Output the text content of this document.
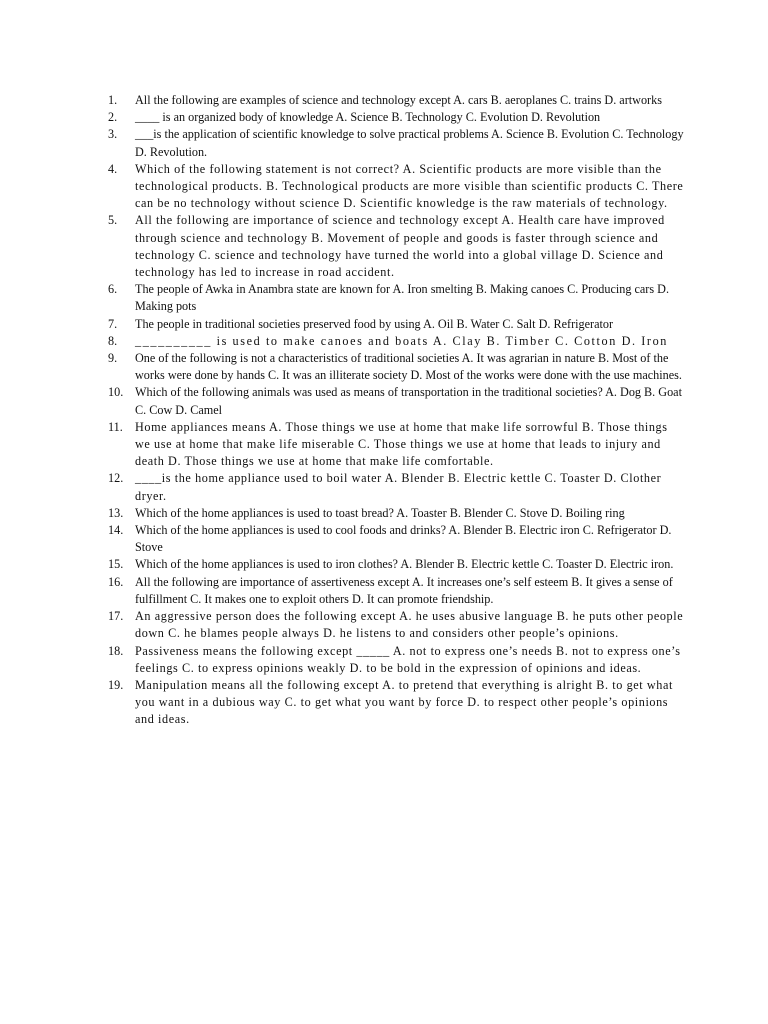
1.	All the following are examples of science and technology except A. cars B. aeroplanes C. trains D. artworks
2.	____ is an organized body of knowledge A. Science B. Technology C. Evolution D. Revolution
3.	___is the application of scientific knowledge to solve practical problems A. Science B. Evolution C. Technology D. Revolution.
4.	Which of the following statement is not correct? A. Scientific products are more visible than the technological products. B. Technological products are more visible than scientific products C. There can be no technology without science D. Scientific knowledge is the raw materials of technology.
5.	All the following are importance of science and technology except A. Health care have improved through science and technology B. Movement of people and goods is faster through science and technology C. science and technology have turned the world into a global village D. Science and technology has led to increase in road accident.
6.	The people of Awka in Anambra state are known for A. Iron smelting B. Making canoes C. Producing cars D. Making pots
7.	The people in traditional societies preserved food by using A. Oil B. Water C. Salt D. Refrigerator
8.	__________ is used to make canoes and boats A. Clay B. Timber C. Cotton D. Iron
9.	One of the following is not a characteristics of traditional societies A. It was agrarian in nature B. Most of the works were done by hands C. It was an illiterate society D. Most of the works were done with the use machines.
10. Which of the following animals was used as means of transportation in the traditional societies? A. Dog B. Goat C. Cow D. Camel
11.	Home appliances means A. Those things we use at home that make life sorrowful B. Those things we use at home that make life miserable C. Those things we use at home that leads to injury and death D. Those things we use at home that make life comfortable.
12. ____is the home appliance used to boil water A. Blender B. Electric kettle C. Toaster D. Clother dryer.
13. Which of the home appliances is used to toast bread? A. Toaster B. Blender C. Stove D. Boiling ring
14. Which of the home appliances is used to cool foods and drinks? A. Blender B. Electric iron C. Refrigerator D. Stove
15. Which of the home appliances is used to iron clothes? A. Blender B. Electric kettle C. Toaster D. Electric iron.
16. All the following are importance of assertiveness except A. It increases one’s self esteem B. It gives a sense of fulfillment C. It makes one to exploit others D. It can promote friendship.
17. An aggressive person does the following except A. he uses abusive language B. he puts other people down C. he blames people always D. he listens to and considers other people’s opinions.
18. Passiveness means the following except _____ A. not to express one’s needs B. not to express one’s feelings C. to express opinions weakly D. to be bold in the expression of opinions and ideas.
19. Manipulation means all the following except A. to pretend that everything is alright B. to get what you want in a dubious way C. to get what you want by force D. to respect other people’s opinions and ideas.
